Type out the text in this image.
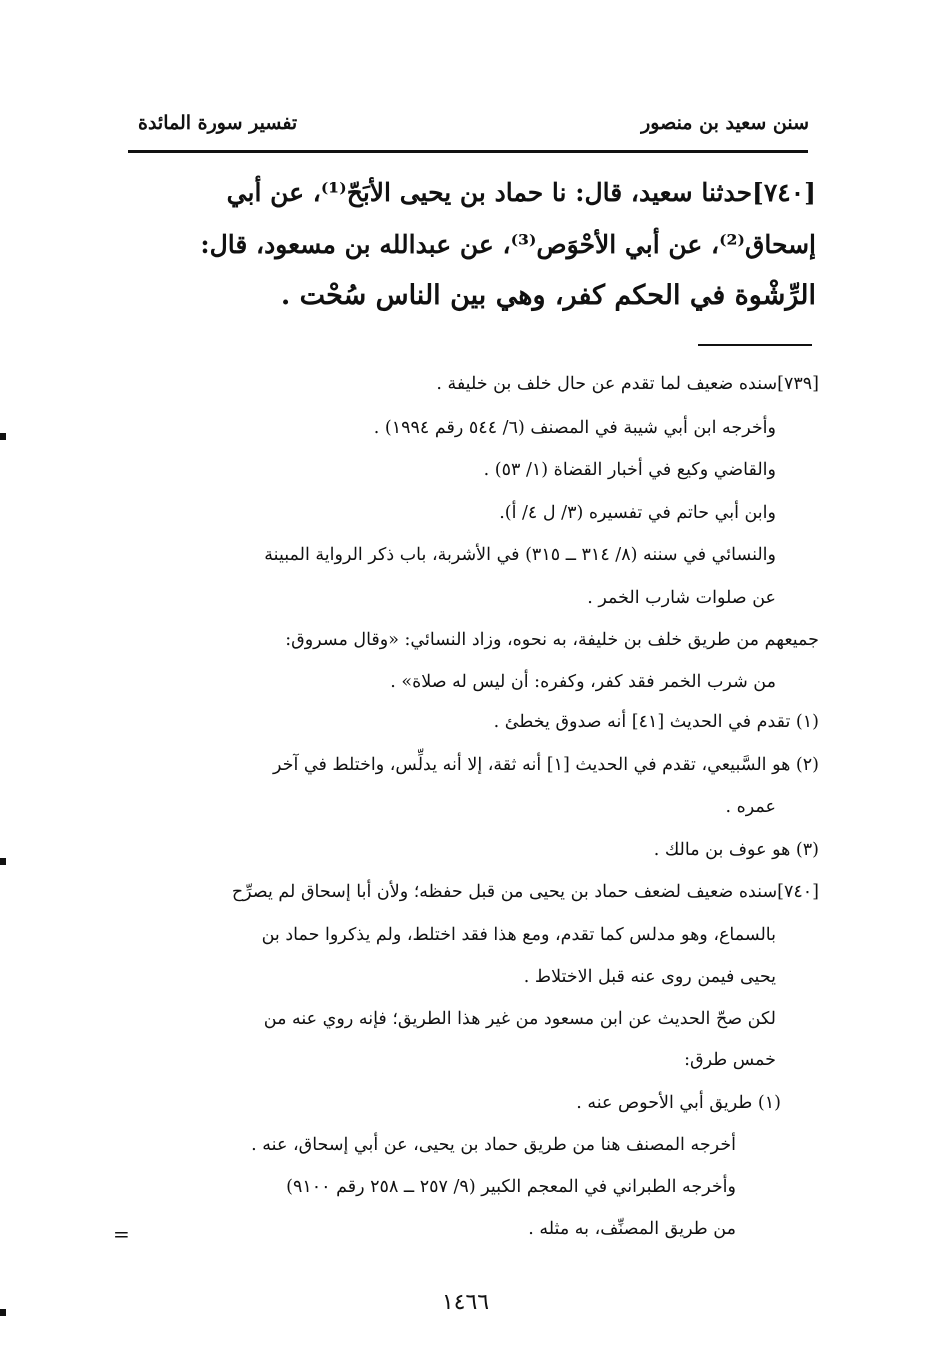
سنن سعيد بن منصور
تفسير سورة المائدة
[٧٤٠]حدثنا سعيد، قال: نا حماد بن يحيى الأبَحّ⁽¹⁾، عن أبي
إسحاق⁽²⁾، عن أبي الأحْوَص⁽³⁾، عن عبدالله بن مسعود، قال:
الرِّشْوة في الحكم كفر، وهي بين الناس سُحْت .
[٧٣٩]سنده ضعيف لما تقدم عن حال خلف بن خليفة .
وأخرجه ابن أبي شيبة في المصنف (٦/ ٥٤٤ رقم ١٩٩٤) .
والقاضي وكيع في أخبار القضاة (١/ ٥٣) .
وابن أبي حاتم في تفسيره (٣/ ل ٤/ أ).
والنسائي في سننه (٨/ ٣١٤ ــ ٣١٥) في الأشربة، باب ذكر الرواية المبينة
عن صلوات شارب الخمر .
جميعهم من طريق خلف بن خليفة، به نحوه، وزاد النسائي: «وقال مسروق:
من شرب الخمر فقد كفر، وكفره: أن ليس له صلاة» .
(١) تقدم في الحديث [٤١] أنه صدوق يخطئ .
(٢) هو السَّبيعي، تقدم في الحديث [١] أنه ثقة، إلا أنه يدلِّس، واختلط في آخر
عمره .
(٣) هو عوف بن مالك .
[٧٤٠]سنده ضعيف لضعف حماد بن يحيى من قبل حفظه؛ ولأن أبا إسحاق لم يصرِّح
بالسماع، وهو مدلس كما تقدم، ومع هذا فقد اختلط، ولم يذكروا حماد بن
يحيى فيمن روى عنه قبل الاختلاط .
لكن صحّ الحديث عن ابن مسعود من غير هذا الطريق؛ فإنه روي عنه من
خمس طرق:
(١) طريق أبي الأحوص عنه .
أخرجه المصنف هنا من طريق حماد بن يحيى، عن أبي إسحاق، عنه .
وأخرجه الطبراني في المعجم الكبير (٩/ ٢٥٧ ــ ٢٥٨ رقم ٩١٠٠)
من طريق المصنِّف، به مثله .
=
١٤٦٦
